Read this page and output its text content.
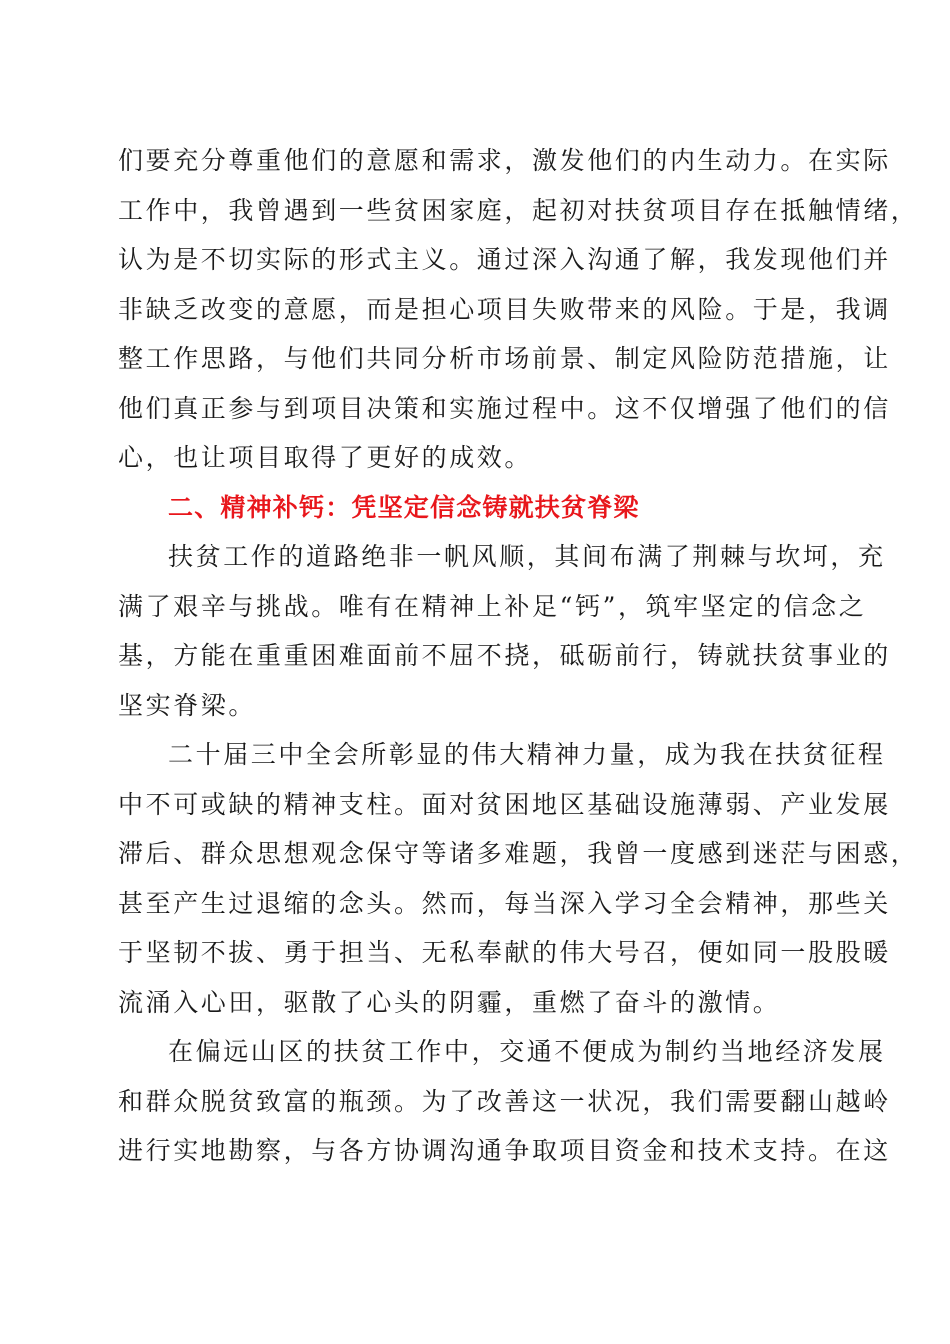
们要充分尊重他们的意愿和需求，激发他们的内生动力。在实际
工作中，我曾遇到一些贫困家庭，起初对扶贫项目存在抵触情绪，
认为是不切实际的形式主义。通过深入沟通了解，我发现他们并
非缺乏改变的意愿，而是担心项目失败带来的风险。于是，我调
整工作思路，与他们共同分析市场前景、制定风险防范措施，让
他们真正参与到项目决策和实施过程中。这不仅增强了他们的信
心，也让项目取得了更好的成效。
二、精神补钙：凭坚定信念铸就扶贫脊梁
扶贫工作的道路绝非一帆风顺，其间布满了荆棘与坎坷，充
满了艰辛与挑战。唯有在精神上补足“钙”，筑牢坚定的信念之
基，方能在重重困难面前不屈不挠，砥砺前行，铸就扶贫事业的
坚实脊梁。
二十届三中全会所彰显的伟大精神力量，成为我在扶贫征程
中不可或缺的精神支柱。面对贫困地区基础设施薄弱、产业发展
滞后、群众思想观念保守等诸多难题，我曾一度感到迷茫与困惑，
甚至产生过退缩的念头。然而，每当深入学习全会精神，那些关
于坚韧不拔、勇于担当、无私奉献的伟大号召，便如同一股股暖
流涌入心田，驱散了心头的阴霾，重燃了奋斗的激情。
在偏远山区的扶贫工作中，交通不便成为制约当地经济发展
和群众脱贫致富的瓶颈。为了改善这一状况，我们需要翻山越岭
进行实地勘察，与各方协调沟通争取项目资金和技术支持。在这
